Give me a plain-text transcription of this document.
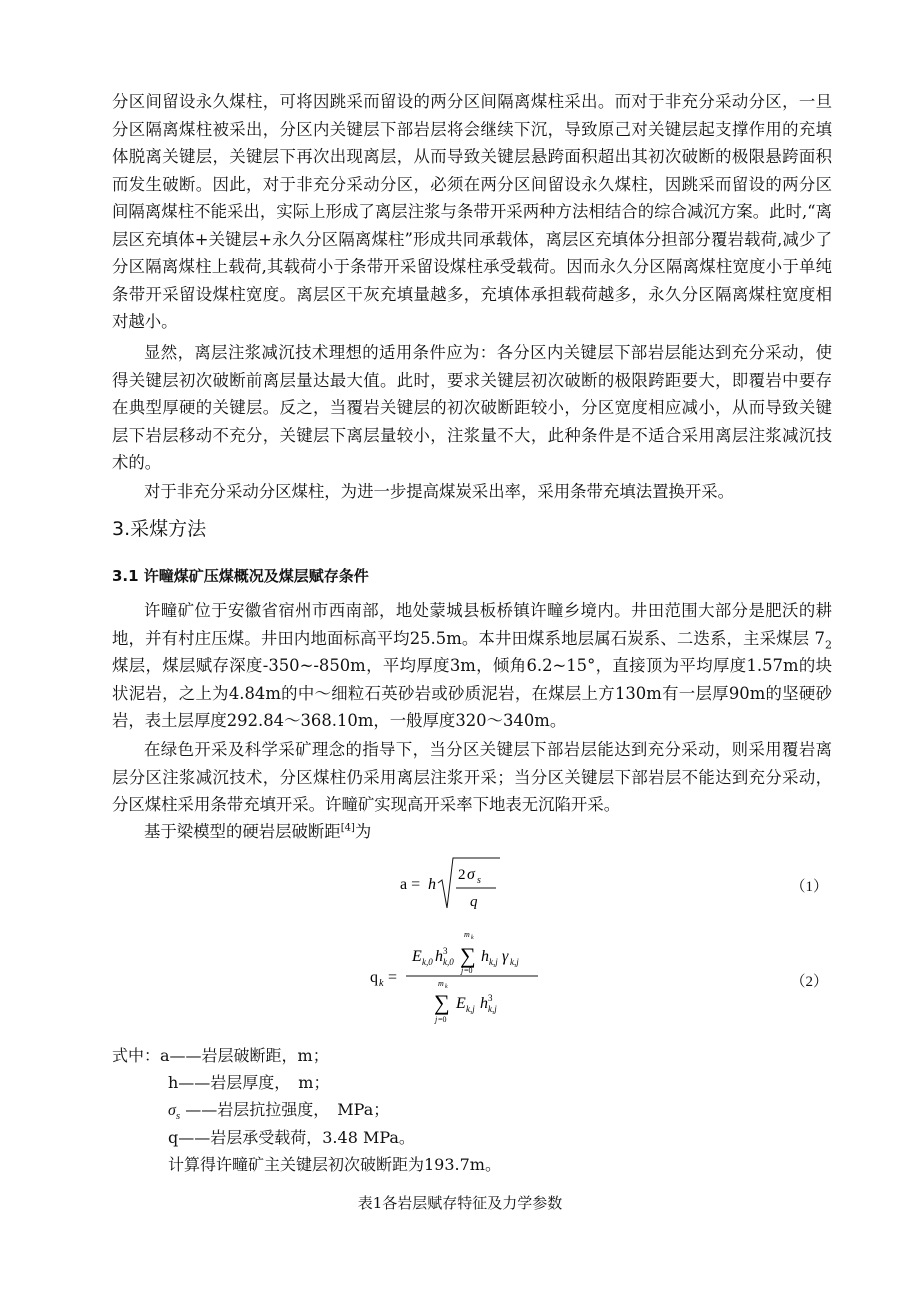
分区间留设永久煤柱，可将因跳采而留设的两分区间隔离煤柱采出。而对于非充分采动分区，一旦分区隔离煤柱被采出，分区内关键层下部岩层将会继续下沉，导致原己对关键层起支撑作用的充填体脱离关键层，关键层下再次出现离层，从而导致关键层悬跨面积超出其初次破断的极限悬跨面积而发生破断。因此，对于非充分采动分区，必须在两分区间留设永久煤柱，因跳采而留设的两分区间隔离煤柱不能采出，实际上形成了离层注浆与条带开采两种方法相结合的综合减沉方案。此时,“离层区充填体+关键层+永久分区隔离煤柱”形成共同承载体，离层区充填体分担部分覆岩载荷,减少了分区隔离煤柱上载荷,其载荷小于条带开采留设煤柱承受载荷。因而永久分区隔离煤柱宽度小于单纯条带开采留设煤柱宽度。离层区干灰充填量越多，充填体承担载荷越多，永久分区隔离煤柱宽度相对越小。

显然，离层注浆减沉技术理想的适用条件应为：各分区内关键层下部岩层能达到充分采动，使得关键层初次破断前离层量达最大值。此时，要求关键层初次破断的极限跨距要大，即覆岩中要存在典型厚硬的关键层。反之，当覆岩关键层的初次破断距较小，分区宽度相应减小，从而导致关键层下岩层移动不充分，关键层下离层量较小，注浆量不大，此种条件是不适合采用离层注浆减沉技术的。

对于非充分采动分区煤柱，为进一步提高煤炭采出率，采用条带充填法置换开采。

3.采煤方法
3.1 许疃煤矿压煤概况及煤层赋存条件

许疃矿位于安徽省宿州市西南部，地处蒙城县板桥镇许疃乡境内。井田范围大部分是肥沃的耕地，并有村庄压煤。井田内地面标高平均25.5m。本井田煤系地层属石炭系、二迭系，主采煤层 $7_2$煤层，煤层赋存深度-350~-850m，平均厚度3m，倾角6.2~15°，直接顶为平均厚度1.57m的块状泥岩，之上为4.84m的中～细粒石英砂岩或砂质泥岩，在煤层上方130m有一层厚90m的坚硬砂岩，表土层厚度292.84～368.10m，一般厚度320～340m。

在绿色开采及科学采矿理念的指导下，当分区关键层下部岩层能达到充分采动，则采用覆岩离层分区注浆减沉技术，分区煤柱仍采用离层注浆开采；当分区关键层下部岩层不能达到充分采动，分区煤柱采用条带充填开采。许疃矿实现高开采率下地表无沉陷开采。

基于梁模型的硬岩层破断距[4]为

a = h
2 σ s
q
（1）
q k =
E k,0 h 3
k,0 ∑
m k
j =0
h k,j γ k,j
∑
m k
j =0
E k,j h 3
k,j
（2）
式中：a——岩层破断距，m；
h——岩层厚度，　m；
$\sigma_s$ ——岩层抗拉强度，　MPa；
q——岩层承受载荷，3.48 MPa。
计算得许疃矿主关键层初次破断距为193.7m。
表1各岩层赋存特征及力学参数
